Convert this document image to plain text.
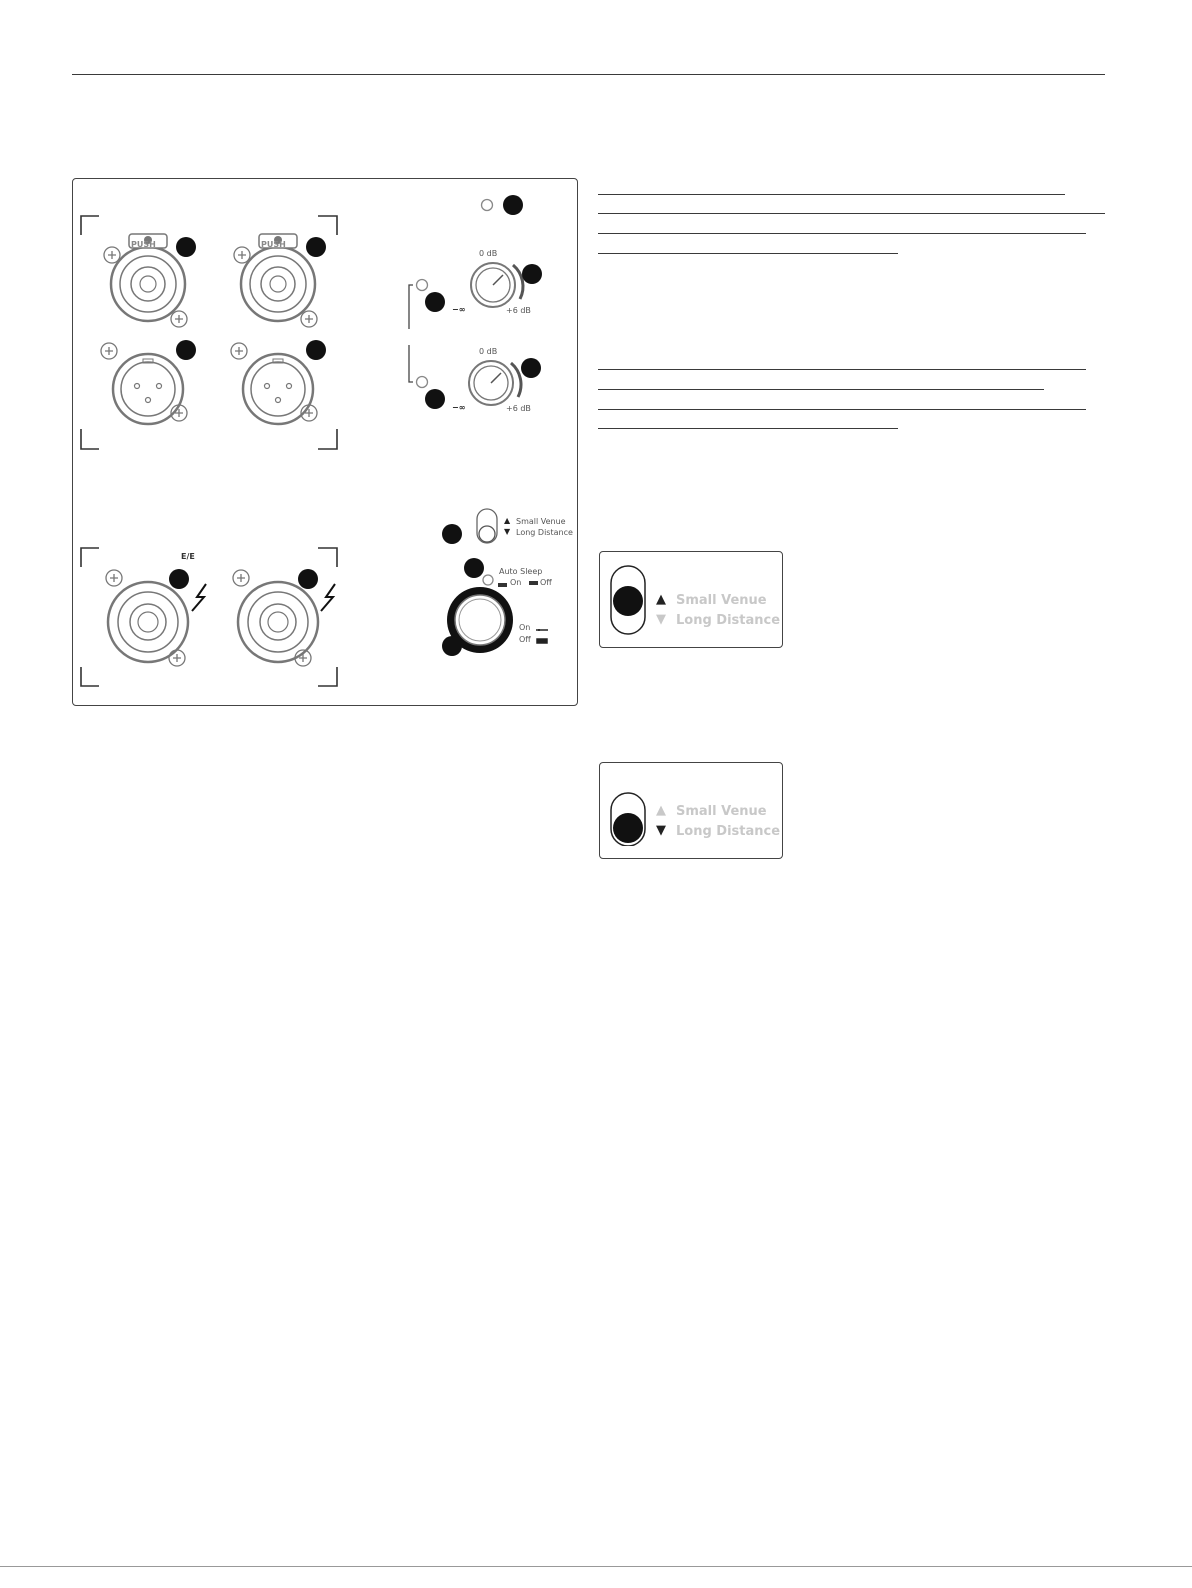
PUSH	PUSH
0 dB
−∞	+6 dB
0 dB
−∞	+6 dB
▲ Small Venue
▼ Long Distance
E/E
Auto Sleep
On Off
On
Off
▲ Small Venue
▼ Long Distance
▲ Small Venue
▼ Long Distance
